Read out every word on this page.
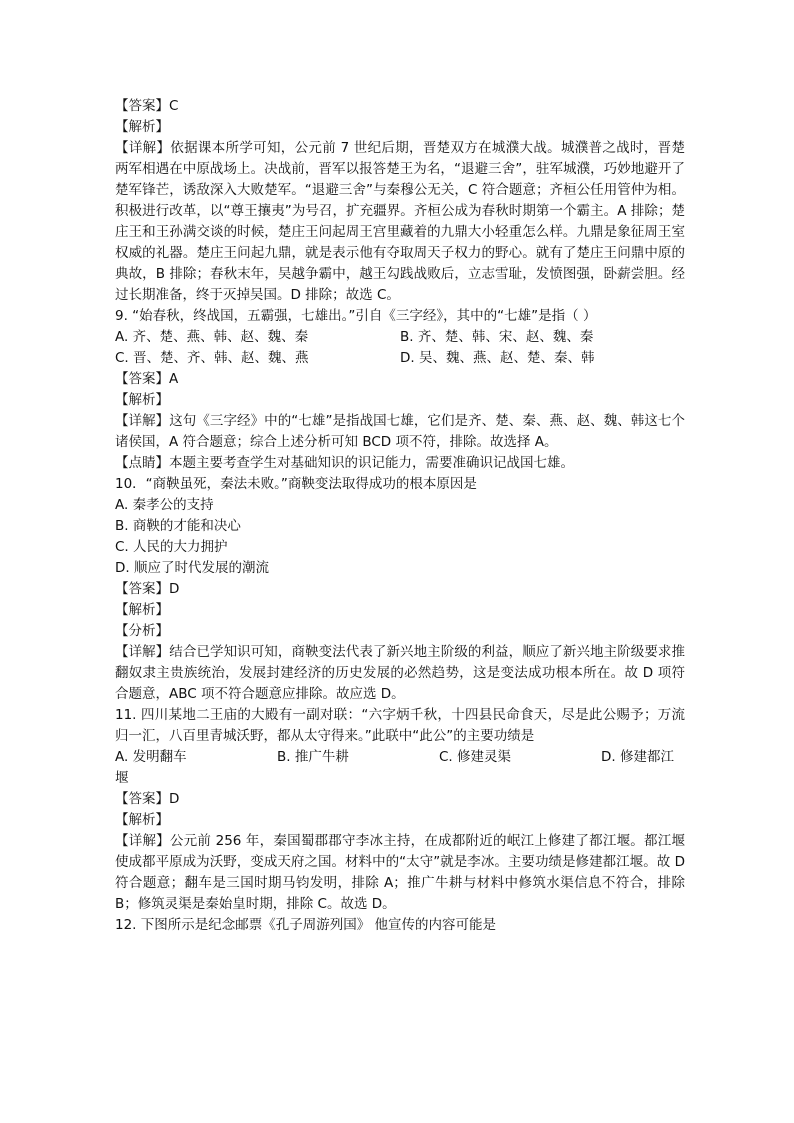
【答案】C
【解析】
【详解】依据课本所学可知，公元前 7 世纪后期，晋楚双方在城濮大战。城濮普之战时，晋楚两军相遇在中原战场上。决战前，晋军以报答楚王为名，“退避三舍”，驻军城濮，巧妙地避开了楚军锋芒，诱敌深入大败楚军。“退避三舍”与秦穆公无关，C 符合题意；齐桓公任用管仲为相。积极进行改革，以“尊王攘夷”为号召，扩充疆界。齐桓公成为春秋时期第一个霸主。A 排除；楚庄王和王孙满交谈的时候，楚庄王问起周王宫里藏着的九鼎大小轻重怎么样。九鼎是象征周王室权威的礼器。楚庄王问起九鼎，就是表示他有夺取周天子权力的野心。就有了楚庄王问鼎中原的典故，B 排除；春秋末年，吴越争霸中，越王勾践战败后，立志雪耻，发愤图强，卧薪尝胆。经过长期准备，终于灭掉吴国。D 排除；故选 C。
9. “始春秋，终战国，五霸强，七雄出。”引自《三字经》，其中的“七雄”是指（ ）
A. 齐、楚、燕、韩、赵、魏、秦	B. 齐、楚、韩、宋、赵、魏、秦
C. 晋、楚、齐、韩、赵、魏、燕	D. 吴、魏、燕、赵、楚、秦、韩
【答案】A
【解析】
【详解】这句《三字经》中的“七雄”是指战国七雄，它们是齐、楚、秦、燕、赵、魏、韩这七个诸侯国，A 符合题意；综合上述分析可知 BCD 项不符，排除。故选择 A。
【点睛】本题主要考查学生对基础知识的识记能力，需要准确识记战国七雄。
10．“商鞅虽死，秦法未败。”商鞅变法取得成功的根本原因是
A. 秦孝公的支持
B. 商鞅的才能和决心
C. 人民的大力拥护
D. 顺应了时代发展的潮流
【答案】D
【解析】
【分析】
【详解】结合已学知识可知，商鞅变法代表了新兴地主阶级的利益，顺应了新兴地主阶级要求推翻奴隶主贵族统治，发展封建经济的历史发展的必然趋势，这是变法成功根本所在。故 D 项符合题意，ABC 项不符合题意应排除。故应选 D。
11. 四川某地二王庙的大殿有一副对联：“六字炳千秋，十四县民命食天，尽是此公赐予；万流归一汇，八百里青城沃野，都从太守得来。”此联中“此公”的主要功绩是
A. 发明翻车	B. 推广牛耕	C. 修建灵渠	D. 修建都江
堰
【答案】D
【解析】
【详解】公元前 256 年，秦国蜀郡郡守李冰主持，在成都附近的岷江上修建了都江堰。都江堰使成都平原成为沃野，变成天府之国。材料中的“太守”就是李冰。主要功绩是修建都江堰。故 D 符合题意；翻车是三国时期马钧发明，排除 A；推广牛耕与材料中修筑水渠信息不符合，排除 B；修筑灵渠是秦始皇时期，排除 C。故选 D。
12. 下图所示是纪念邮票《孔子周游列国》 他宣传的内容可能是
